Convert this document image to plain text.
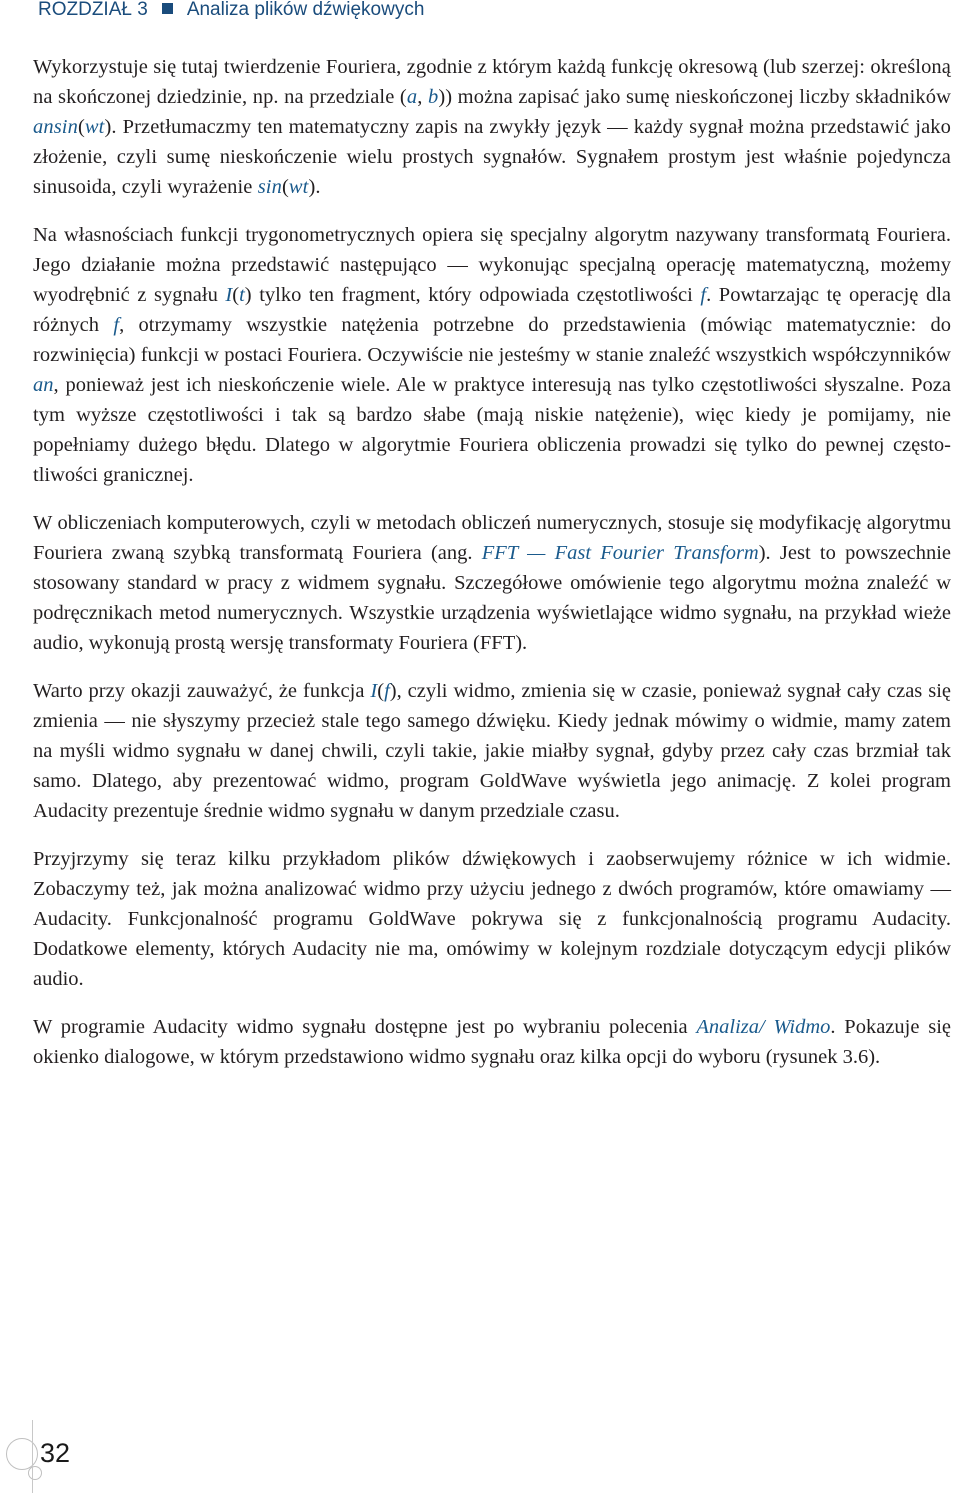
ROZDZIAŁ 3 Analiza plików dźwiękowych

Wykorzystuje się tutaj twierdzenie Fouriera, zgodnie z którym każdą funkcję okresową (lub szerzej: określoną na skończonej dziedzinie, np. na przedziale (a, b)) można zapisać jako sumę nieskończonej liczby składników ansin(wt). Przetłumaczmy ten matematyczny zapis na zwykły język — każdy sygnał można przedstawić jako złożenie, czyli sumę nieskończenie wielu prostych sygnałów. Sygnałem prostym jest właśnie pojedyncza sinusoida, czyli wyrażenie sin(wt).

Na własnościach funkcji trygonometrycznych opiera się specjalny algorytm nazywany transformatą Fouriera. Jego działanie można przedstawić następująco — wykonując specjalną operację matematyczną, możemy wyodrębnić z sygnału I(t) tylko ten fragment, który odpowiada częstotliwości f. Powtarzając tę operację dla różnych f, otrzymamy wszystkie natężenia potrzebne do przedstawienia (mówiąc matematycznie: do rozwinięcia) funkcji w postaci Fouriera. Oczywiście nie jesteśmy w stanie znaleźć wszystkich współczynników an, ponieważ jest ich nieskończenie wiele. Ale w praktyce interesują nas tylko częstotliwości słyszalne. Poza tym wyższe częstotliwości i tak są bardzo słabe (mają niskie natężenie), więc kiedy je pomijamy, nie popełniamy dużego błędu. Dlatego w algorytmie Fouriera obliczenia prowadzi się tylko do pewnej częstotliwości granicznej.

W obliczeniach komputerowych, czyli w metodach obliczeń numerycznych, stosuje się modyfikację algorytmu Fouriera zwaną szybką transformatą Fouriera (ang. FFT — Fast Fourier Transform). Jest to powszechnie stosowany standard w pracy z widmem sygnału. Szczegółowe omówienie tego algorytmu można znaleźć w podręcznikach metod numerycznych. Wszystkie urządzenia wyświetlające widmo sygnału, na przykład wieże audio, wykonują prostą wersję transformaty Fouriera (FFT).

Warto przy okazji zauważyć, że funkcja I(f), czyli widmo, zmienia się w czasie, ponieważ sygnał cały czas się zmienia — nie słyszymy przecież stale tego samego dźwięku. Kiedy jednak mówimy o widmie, mamy zatem na myśli widmo sygnału w danej chwili, czyli takie, jakie miałby sygnał, gdyby przez cały czas brzmiał tak samo. Dlatego, aby prezentować widmo, program GoldWave wyświetla jego animację. Z kolei program Audacity prezentuje średnie widmo sygnału w danym przedziale czasu.

Przyjrzymy się teraz kilku przykładom plików dźwiękowych i zaobserwujemy różnice w ich widmie. Zobaczymy też, jak można analizować widmo przy użyciu jednego z dwóch programów, które omawiamy — Audacity. Funkcjonalność programu GoldWave pokrywa się z funkcjonalnością programu Audacity. Dodatkowe elementy, których Audacity nie ma, omówimy w kolejnym rozdziale dotyczącym edycji plików audio.

W programie Audacity widmo sygnału dostępne jest po wybraniu polecenia Analiza/ Widmo. Pokazuje się okienko dialogowe, w którym przedstawiono widmo sygnału oraz kilka opcji do wyboru (rysunek 3.6).

32
